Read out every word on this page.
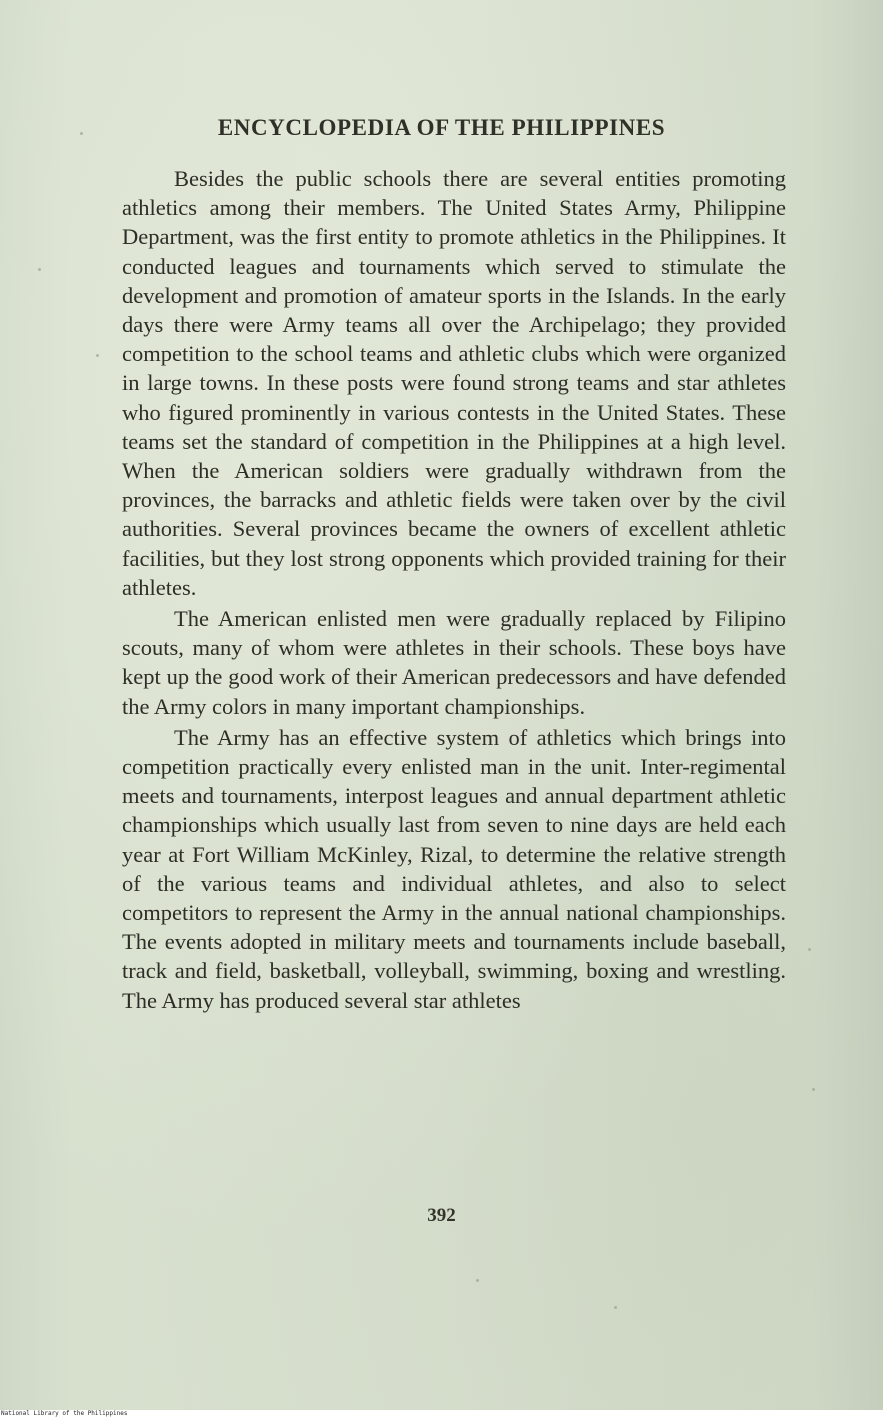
ENCYCLOPEDIA OF THE PHILIPPINES

Besides the public schools there are several entities promoting athletics among their members. The United States Army, Philippine Department, was the first entity to promote athletics in the Philippines. It conducted leagues and tournaments which served to stimulate the development and promotion of amateur sports in the Islands. In the early days there were Army teams all over the Archipelago; they provided competition to the school teams and athletic clubs which were organized in large towns. In these posts were found strong teams and star athletes who figured prominently in various contests in the United States. These teams set the standard of competition in the Philippines at a high level. When the American soldiers were gradually withdrawn from the provinces, the barracks and athletic fields were taken over by the civil authorities. Several provinces became the owners of excellent athletic facilities, but they lost strong opponents which provided training for their athletes.

The American enlisted men were gradually replaced by Filipino scouts, many of whom were athletes in their schools. These boys have kept up the good work of their American predecessors and have defended the Army colors in many important championships.

The Army has an effective system of athletics which brings into competition practically every enlisted man in the unit. Inter-regimental meets and tournaments, interpost leagues and annual department athletic championships which usually last from seven to nine days are held each year at Fort William McKinley, Rizal, to determine the relative strength of the various teams and individual athletes, and also to select competitors to represent the Army in the annual national championships. The events adopted in military meets and tournaments include baseball, track and field, basketball, volleyball, swimming, boxing and wrestling. The Army has produced several star athletes

392
National Library of the Philippines
